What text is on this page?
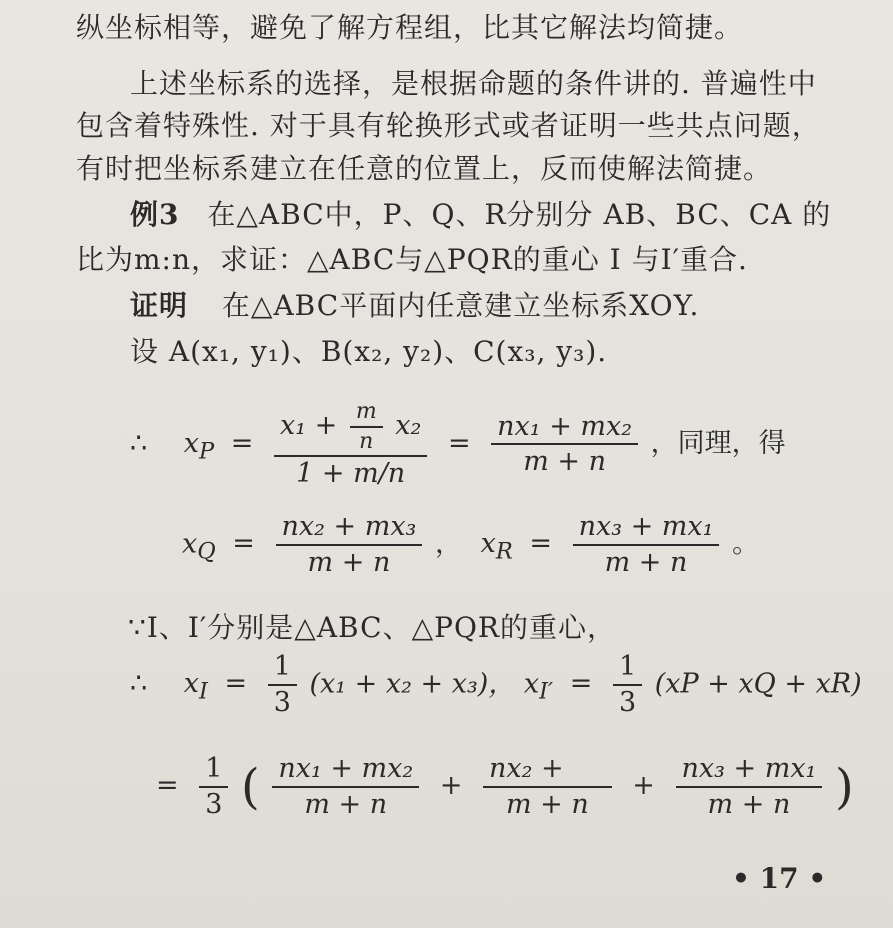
纵坐标相等，避免了解方程组，比其它解法均简捷。
上述坐标系的选择，是根据命题的条件讲的. 普遍性中
包含着特殊性. 对于具有轮换形式或者证明一些共点问题，
有时把坐标系建立在任意的位置上，反而使解法简捷。
例3 在△ABC中，P、Q、R分别分 AB、BC、CA 的
比为m:n，求证：△ABC与△PQR的重心 I 与I′重合.
证明 在△ABC平面内任意建立坐标系XOY.
设 A(x₁, y₁)、B(x₂, y₂)、C(x₃, y₃).
∴ $x_P$ =
$x_1 + \frac{m}{n} x_2$
1 + m/n
= $\frac{\text{nx₁ + mx₂}}{m + n}$ ，同理，得
$x_Q = \frac{\text{nx₂ + mx₃}}{m + n}$ ， $x_R = \frac{\text{nx₃ + mx₁}}{m + n}$ 。
∵I、I′分别是△ABC、△PQR的重心，
∴ $x_I = \frac{1}{3} (x_1 + x_2 + x_3)$， $x_{I'} = \frac{1}{3} (xP$ + xQ + xR)
= $\frac{1}{3}$ ( $\frac{\text{nx₁ + mx₂}}{m + n} + \frac{\text{nx₂ +}}{m + n} + \frac{\text{nx₃ + mx₁}}{m + n}$ )
• 17 •
